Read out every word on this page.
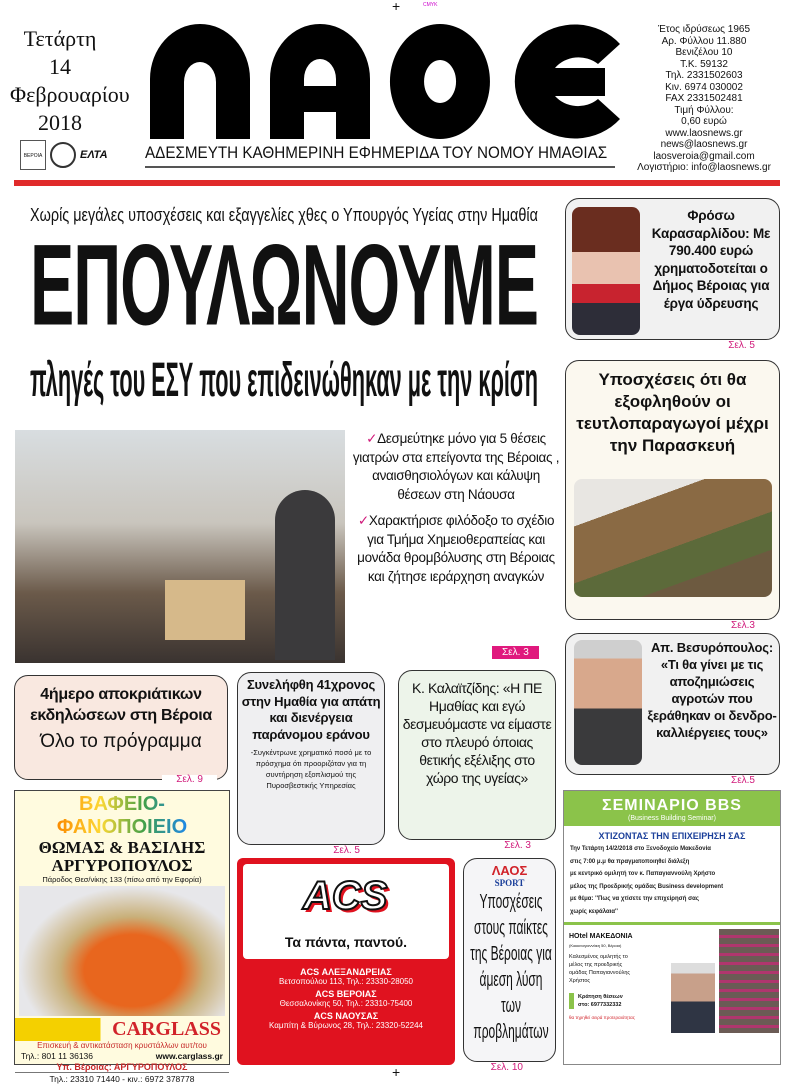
+	CMYK
Τετάρτη
14
Φεβρουαρίου
2018
ΒΕΡΟΙΑ	ΕΛΤΑ ΑΔΕΣΜΕΥΤΗ ΚΑΘΗΜΕΡΙΝΗ ΕΦΗΜΕΡΙΔΑ ΤΟΥ ΝΟΜΟΥ ΗΜΑΘΙΑΣ
Έτος ιδρύσεως 1965
Αρ. Φύλλου 11.880
Βενιζέλου 10
Τ.Κ. 59132
Τηλ. 2331502603
Κιν. 6974 030002
FAX 2331502481
Τιμή Φύλλου:
0,60 ευρώ
www.laosnews.gr
news@laosnews.gr
laosveroia@gmail.com
Λογιστήριο: info@laosnews.gr
Χωρίς μεγάλες υποσχέσεις και εξαγγελίες χθες ο Υπουργός Υγείας στην Ημαθία
ΕΠΟΥΛΩΝΟΥΜΕ
πληγές του ΕΣΥ που επιδεινώθηκαν με την κρίση

✓Δεσμεύτηκε μόνο για 5 θέσεις γιατρών στα επείγοντα της Βέροιας , αναισθησιολόγων και κάλυψη θέσεων στη Νάουσα

✓Χαρακτήρισε φιλόδοξο το σχέδιο για Τμήμα Χημειοθεραπείας και μονάδα θρομβόλυσης στη Βέροιας και ζήτησε ιεράρχηση αναγκών

Σελ. 3
Φρόσω Καρασαρλίδου: Με 790.400 ευρώ χρηματοδοτείται ο Δήμος Βέροιας για έργα ύδρευσης
Σελ. 5
Υποσχέσεις ότι θα εξοφληθούν οι τευτλοπαραγωγοί μέχρι την Παρασκευή
Σελ.3
Απ. Βεσυρόπουλος: «Τι θα γίνει με τις αποζημιώσεις αγροτών που ξεράθηκαν οι δενδρο- καλλιέργειες τους»
Σελ.5
4ήμερο αποκριάτικων εκδηλώσεων στη Βέροια
Όλο το πρόγραμμα
Σελ. 9
Συνελήφθη 41χρονος στην Ημαθία για απάτη και διενέργεια παράνομου εράνου
-Συγκέντρωνε χρηματικό ποσό με το πρόσχημα ότι προοριζόταν για τη συντήρηση εξοπλισμού της Πυροσβεστικής Υπηρεσίας
Σελ. 5
Κ. Καλαϊτζίδης: «Η ΠΕ Ημαθίας και εγώ δεσμευόμαστε να είμαστε στο πλευρό όποιας θετικής εξέλιξης στο χώρο της υγείας»
Σελ. 3
ΒΑΦΕΙΟ-ΦΑΝΟΠΟΙΕΙΟ
ΘΩΜΑΣ & ΒΑΣΙΛΗΣ
ΑΡΓΥΡΟΠΟΥΛΟΣ
Πάροδος Θεσ/νίκης 133 (πίσω από την Εφορία)
CARGLASS
Επισκευή & αντικατάσταση κρυστάλλων αυτ/του
Τηλ.: 801 11 36136	www.carglass.gr
Υπ. Βέροιας: ΑΡΓΥΡΟΠΟΥΛΟΣ
Τηλ.: 23310 71440 - κιν.: 6972 378778
ACS
Τα πάντα, παντού.
ACS ΑΛΕΞΑΝΔΡΕΙΑΣ
Βετσοπούλου 113, Τηλ.: 23330-28050
ACS ΒΕΡΟΙΑΣ
Θεσσαλονίκης 50, Τηλ.: 23310-75400
ACS ΝΑΟΥΣΑΣ
Καμπίτη & Βύρωνος 28, Τηλ.: 23320-52244
ΛΑΟΣ
SPORT
Υποσχέσεις στους παίκτες της Βέροιας για άμεση λύση των προβλημάτων
Σελ. 10
ΣΕΜΙΝΑΡΙΟ BBS
(Business Building Seminar)
ΧΤΙΖΟΝΤΑΣ ΤΗΝ ΕΠΙΧΕΙΡΗΣΗ ΣΑΣ
Την Τετάρτη 14/2/2018 στο Ξενοδοχείο Μακεδονία
στις 7:00 μ.μ θα πραγματοποιηθεί διάλεξη
με κεντρικό ομιλητή τον κ. Παπαγιαννούλη Χρήστο
μέλος της Προεδρικής ομάδας Business development
με θέμα: ''Πως να χτίσετε την επιχείρησή σας
χωρίς κεφάλαια''
HOtel ΜΑΚΕΔΟΝΙΑ
(Κοκκινογιαννάκη 50, Βέροια)
Καλεσμένος ομιλητής το μέλος της προεδρικής ομάδας Παπαγιαννούλης Χρήστος
Κράτηση θέσεων στο: 6977332332
θα τηρηθεί σειρά προτεραιότητας
+
